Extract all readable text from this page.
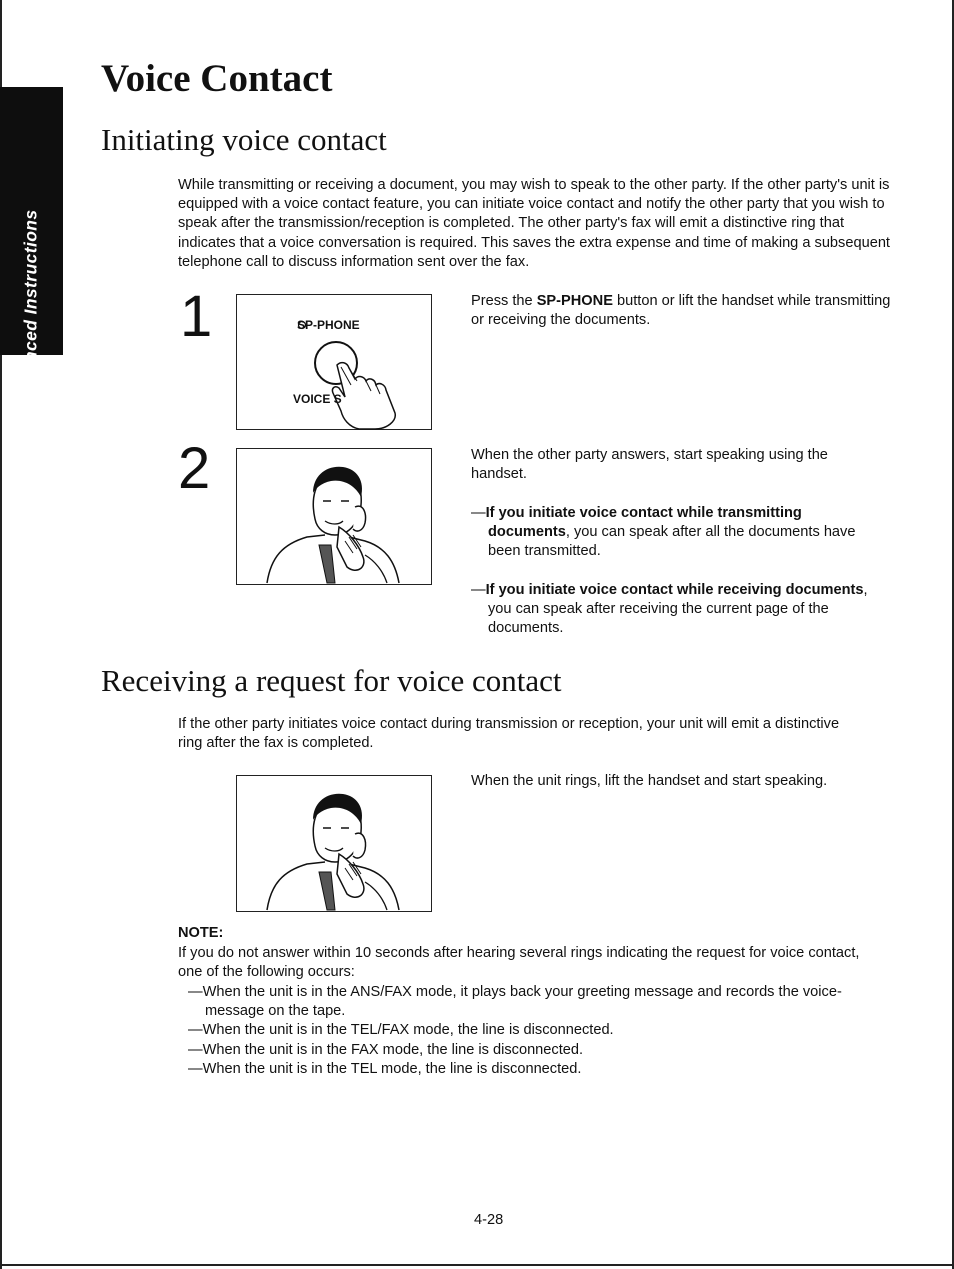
Advanced Instructions
Voice Contact
Initiating voice contact

While transmitting or receiving a document, you may wish to speak to the other party. If the other party's unit is equipped with a voice contact feature, you can initiate voice contact and notify the other party that you wish to speak after the transmission/reception is completed. The other party's fax will emit a distinctive ring that indicates that a voice conversation is required. This saves the extra expense and time of making a subsequent telephone call to discuss information sent over the fax.

1	SP-PHONE
VOICE S

Press the SP-PHONE button or lift the handset while transmitting or receiving the documents.

2	When the other party answers, start speaking using the handset.

—If you initiate voice contact while transmitting documents, you can speak after all the documents have been transmitted.

—If you initiate voice contact while receiving documents, you can speak after receiving the current page of the documents.

Receiving a request for voice contact

If the other party initiates voice contact during transmission or reception, your unit will emit a distinctive ring after the fax is completed.

When the unit rings, lift the handset and start speaking.

NOTE:

If you do not answer within 10 seconds after hearing several rings indicating the request for voice contact, one of the following occurs:

—When the unit is in the ANS/FAX mode, it plays back your greeting message and records the voice-message on the tape.
—When the unit is in the TEL/FAX mode, the line is disconnected.
—When the unit is in the FAX mode, the line is disconnected.
—When the unit is in the TEL mode, the line is disconnected.
4-28
